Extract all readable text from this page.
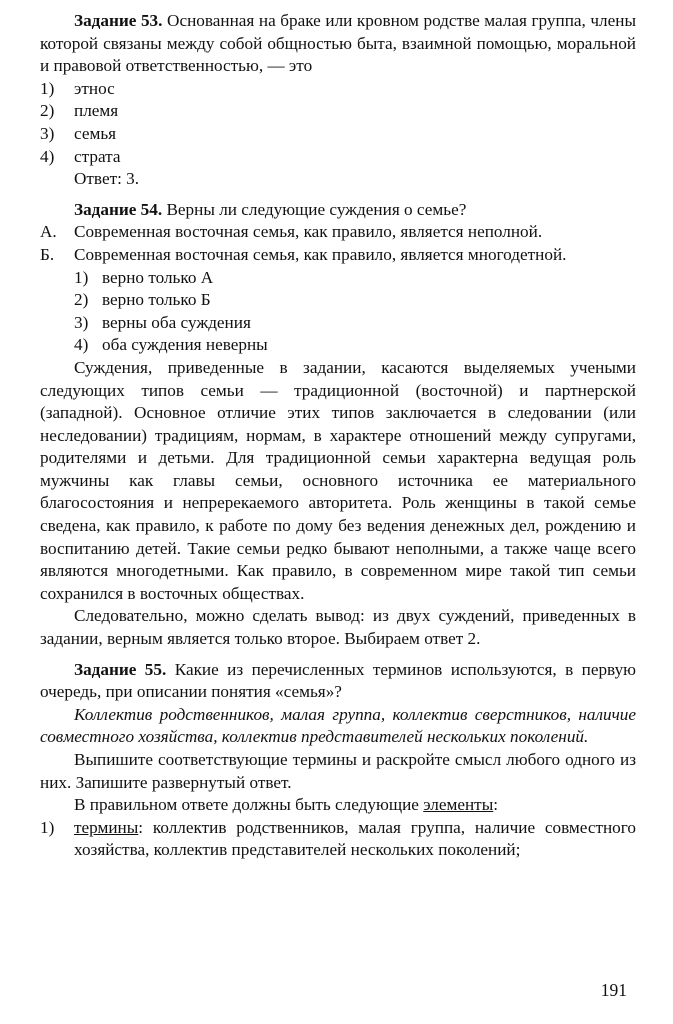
Задание 53. Основанная на браке или кровном родстве малая группа, члены которой связаны между собой общностью быта, взаимной помощью, моральной и правовой ответственностью, — это

1)	этнос
2)	племя
3)	семья
4)	страта

Ответ: 3.

Задание 54. Верны ли следующие суждения о семье?

А.	Современная восточная семья, как правило, является неполной.
Б.	Современная восточная семья, как правило, является многодетной.
1) верно только А
2) верно только Б
3) верны оба суждения
4) оба суждения неверны

Суждения, приведенные в задании, касаются выделяемых учеными следующих типов семьи — традиционной (восточной) и партнерской (западной). Основное отличие этих типов заключается в следовании (или неследовании) традициям, нормам, в характере отношений между супругами, родителями и детьми. Для традиционной семьи характерна ведущая роль мужчины как главы семьи, основного источника ее материального благосостояния и непререкаемого авторитета. Роль женщины в такой семье сведена, как правило, к работе по дому без ведения денежных дел, рождению и воспитанию детей. Такие семьи редко бывают неполными, а также чаще всего являются многодетными. Как правило, в современном мире такой тип семьи сохранился в восточных обществах.

Следовательно, можно сделать вывод: из двух суждений, приведенных в задании, верным является только второе. Выбираем ответ 2.

Задание 55. Какие из перечисленных терминов используются, в первую очередь, при описании понятия «семья»?

Коллектив родственников, малая группа, коллектив сверстников, наличие совместного хозяйства, коллектив представителей нескольких поколений.

Выпишите соответствующие термины и раскройте смысл любого одного из них. Запишите развернутый ответ.

В правильном ответе должны быть следующие элементы:

1)	термины: коллектив родственников, малая группа, наличие совместного хозяйства, коллектив представителей нескольких поколений;
191
